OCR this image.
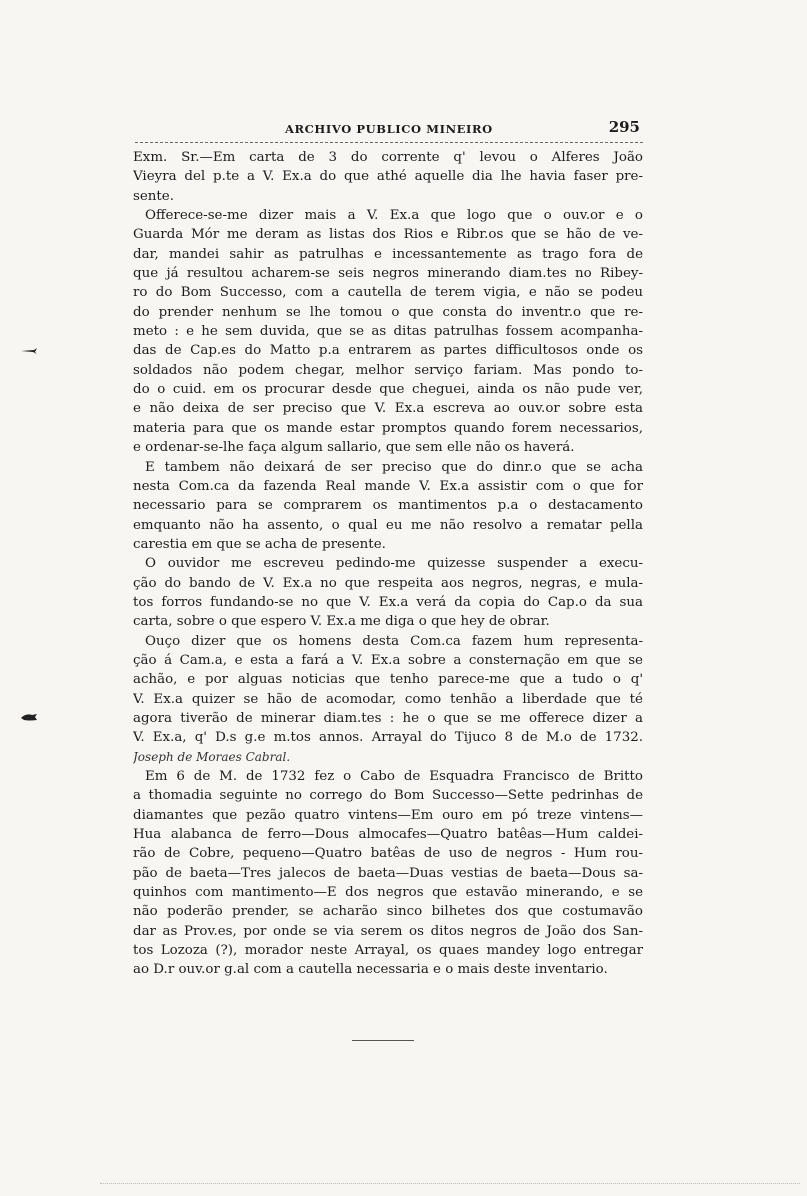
ARCHIVO PUBLICO MINEIRO	295
Exm. Sr.—Em carta de 3 do corrente q' levou o Alferes João
Vieyra del p.te a V. Ex.a do que athé aquelle dia lhe havia faser pre-
sente.
Offerece-se-me dizer mais a V. Ex.a que logo que o ouv.or e o
Guarda Mór me deram as listas dos Rios e Ribr.os que se hão de ve-
dar, mandei sahir as patrulhas e incessantemente as trago fora de
que já resultou acharem-se seis negros minerando diam.tes no Ribey-
ro do Bom Successo, com a cautella de terem vigia, e não se podeu
do prender nenhum se lhe tomou o que consta do inventr.o que re-
meto : e he sem duvida, que se as ditas patrulhas fossem acompanha-
das de Cap.es do Matto p.a entrarem as partes difficultosos onde os
soldados não podem chegar, melhor serviço fariam. Mas pondo to-
do o cuid. em os procurar desde que cheguei, ainda os não pude ver,
e não deixa de ser preciso que V. Ex.a escreva ao ouv.or sobre esta
materia para que os mande estar promptos quando forem necessarios,
e ordenar-se-lhe faça algum sallario, que sem elle não os haverá.
E tambem não deixará de ser preciso que do dinr.o que se acha
nesta Com.ca da fazenda Real mande V. Ex.a assistir com o que for
necessario para se comprarem os mantimentos p.a o destacamento
emquanto não ha assento, o qual eu me não resolvo a rematar pella
carestia em que se acha de presente.
O ouvidor me escreveu pedindo-me quizesse suspender a execu-
ção do bando de V. Ex.a no que respeita aos negros, negras, e mula-
tos forros fundando-se no que V. Ex.a verá da copia do Cap.o da sua
carta, sobre o que espero V. Ex.a me diga o que hey de obrar.
Ouço dizer que os homens desta Com.ca fazem hum representa-
ção á Cam.a, e esta a fará a V. Ex.a sobre a consternação em que se
achão, e por alguas noticias que tenho parece-me que a tudo o q'
V. Ex.a quizer se hão de acomodar, como tenhão a liberdade que té
agora tiverão de minerar diam.tes : he o que se me offerece dizer a
V. Ex.a, q' D.s g.e m.tos annos. Arrayal do Tijuco 8 de M.o de 1732.
Joseph de Moraes Cabral.
Em 6 de M. de 1732 fez o Cabo de Esquadra Francisco de Britto
a thomadia seguinte no corrego do Bom Successo—Sette pedrinhas de
diamantes que pezão quatro vintens—Em ouro em pó treze vintens—
Hua alabanca de ferro—Dous almocafes—Quatro batêas—Hum caldei-
rão de Cobre, pequeno—Quatro batêas de uso de negros - Hum rou-
pão de baeta—Tres jalecos de baeta—Duas vestias de baeta—Dous sa-
quinhos com mantimento—E dos negros que estavão minerando, e se
não poderão prender, se acharão sinco bilhetes dos que costumavão
dar as Prov.es, por onde se via serem os ditos negros de João dos San-
tos Lozoza (?), morador neste Arrayal, os quaes mandey logo entregar
ao D.r ouv.or g.al com a cautella necessaria e o mais deste inventario.
